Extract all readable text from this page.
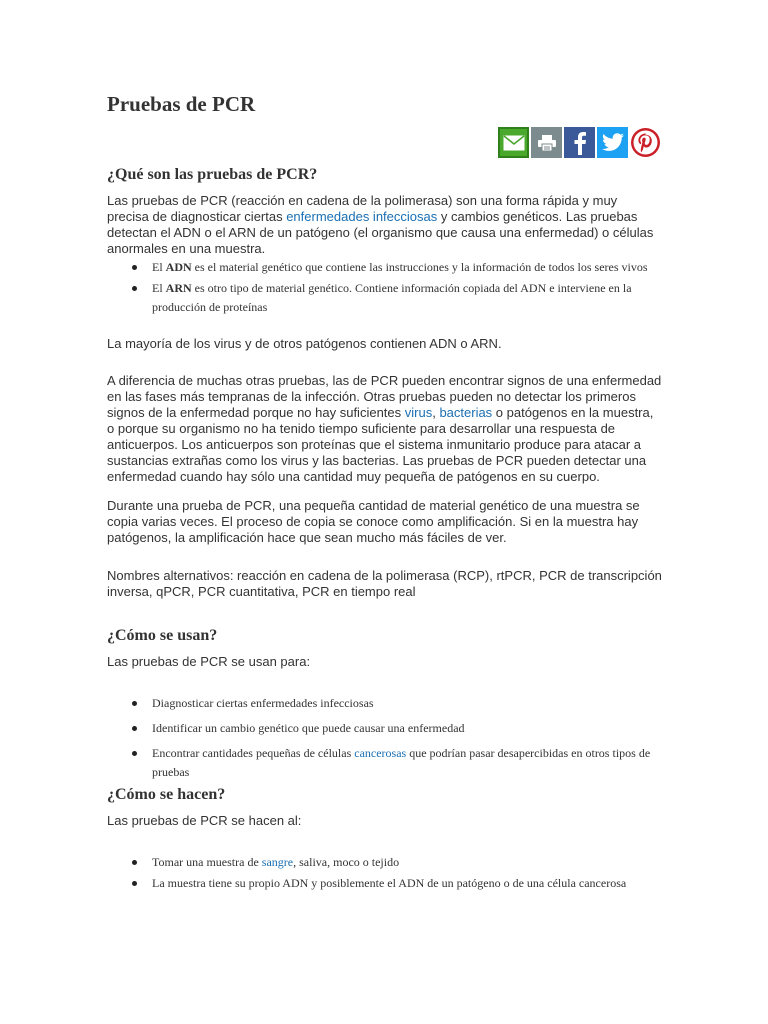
Pruebas de PCR
¿Qué son las pruebas de PCR?

Las pruebas de PCR (reacción en cadena de la polimerasa) son una forma rápida y muy precisa de diagnosticar ciertas enfermedades infecciosas y cambios genéticos. Las pruebas detectan el ADN o el ARN de un patógeno (el organismo que causa una enfermedad) o células anormales en una muestra.

El ADN es el material genético que contiene las instrucciones y la información de todos los seres vivos
El ARN es otro tipo de material genético. Contiene información copiada del ADN e interviene en la producción de proteínas

La mayoría de los virus y de otros patógenos contienen ADN o ARN.

A diferencia de muchas otras pruebas, las de PCR pueden encontrar signos de una enfermedad en las fases más tempranas de la infección. Otras pruebas pueden no detectar los primeros signos de la enfermedad porque no hay suficientes virus, bacterias o patógenos en la muestra, o porque su organismo no ha tenido tiempo suficiente para desarrollar una respuesta de anticuerpos. Los anticuerpos son proteínas que el sistema inmunitario produce para atacar a sustancias extrañas como los virus y las bacterias. Las pruebas de PCR pueden detectar una enfermedad cuando hay sólo una cantidad muy pequeña de patógenos en su cuerpo.

Durante una prueba de PCR, una pequeña cantidad de material genético de una muestra se copia varias veces. El proceso de copia se conoce como amplificación. Si en la muestra hay patógenos, la amplificación hace que sean mucho más fáciles de ver.

Nombres alternativos: reacción en cadena de la polimerasa (RCP), rtPCR, PCR de transcripción inversa, qPCR, PCR cuantitativa, PCR en tiempo real

¿Cómo se usan?

Las pruebas de PCR se usan para:

Diagnosticar ciertas enfermedades infecciosas
Identificar un cambio genético que puede causar una enfermedad
Encontrar cantidades pequeñas de células cancerosas que podrían pasar desapercibidas en otros tipos de pruebas
¿Cómo se hacen?

Las pruebas de PCR se hacen al:

Tomar una muestra de sangre, saliva, moco o tejido
La muestra tiene su propio ADN y posiblemente el ADN de un patógeno o de una célula cancerosa
